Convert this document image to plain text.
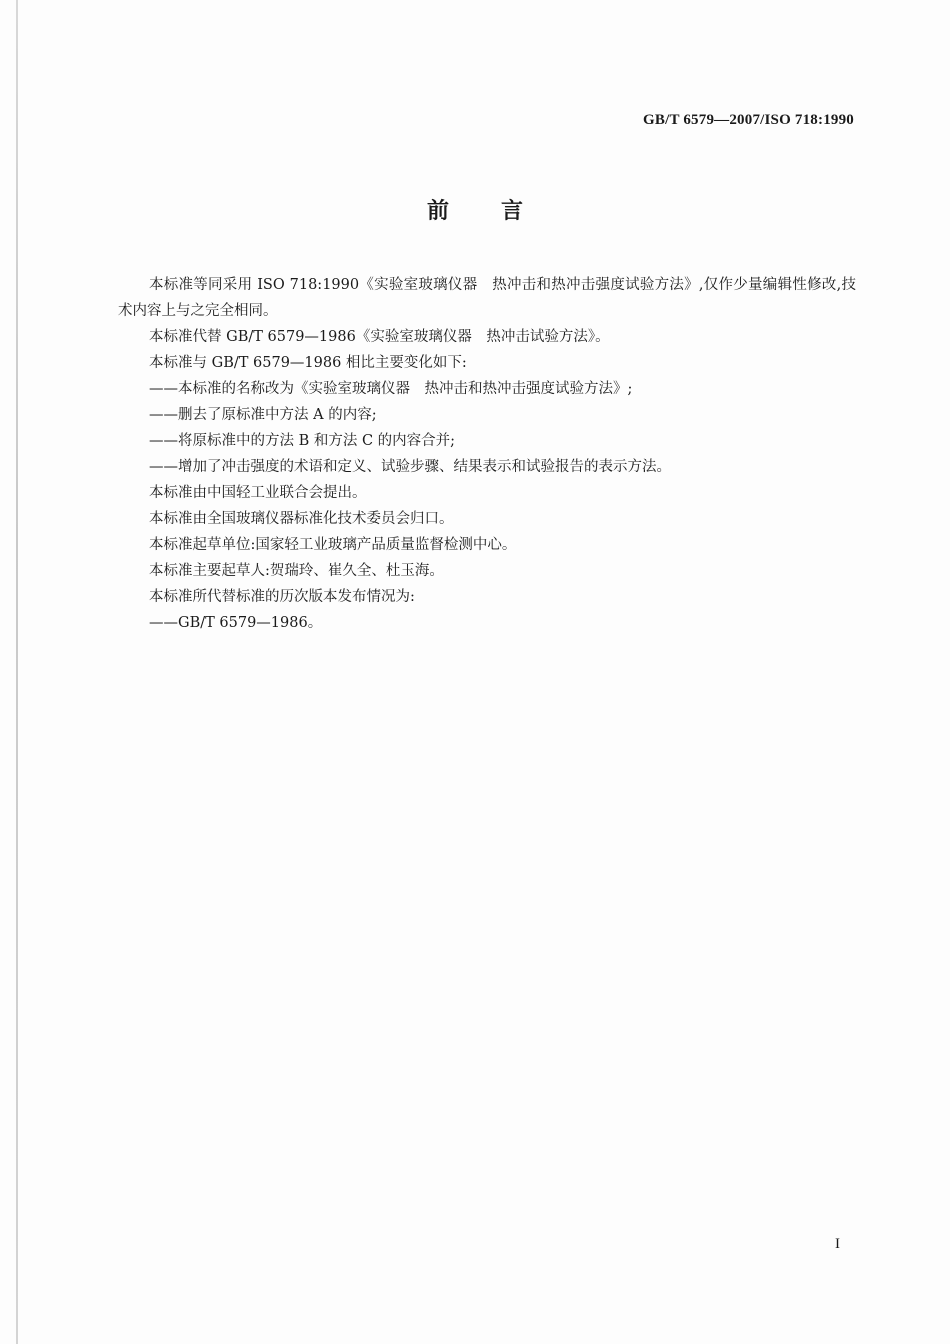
GB/T 6579—2007/ISO 718:1990
前言

本标准等同采用 ISO 718:1990《实验室玻璃仪器　热冲击和热冲击强度试验方法》,仅作少量编辑性修改,技术内容上与之完全相同。

本标准代替 GB/T 6579—1986《实验室玻璃仪器　热冲击试验方法》。

本标准与 GB/T 6579—1986 相比主要变化如下:

——本标准的名称改为《实验室玻璃仪器　热冲击和热冲击强度试验方法》;

——删去了原标准中方法 A 的内容;

——将原标准中的方法 B 和方法 C 的内容合并;

——增加了冲击强度的术语和定义、试验步骤、结果表示和试验报告的表示方法。

本标准由中国轻工业联合会提出。

本标准由全国玻璃仪器标准化技术委员会归口。

本标准起草单位:国家轻工业玻璃产品质量监督检测中心。

本标准主要起草人:贺瑞玲、崔久全、杜玉海。

本标准所代替标准的历次版本发布情况为:

——GB/T 6579—1986。

I
